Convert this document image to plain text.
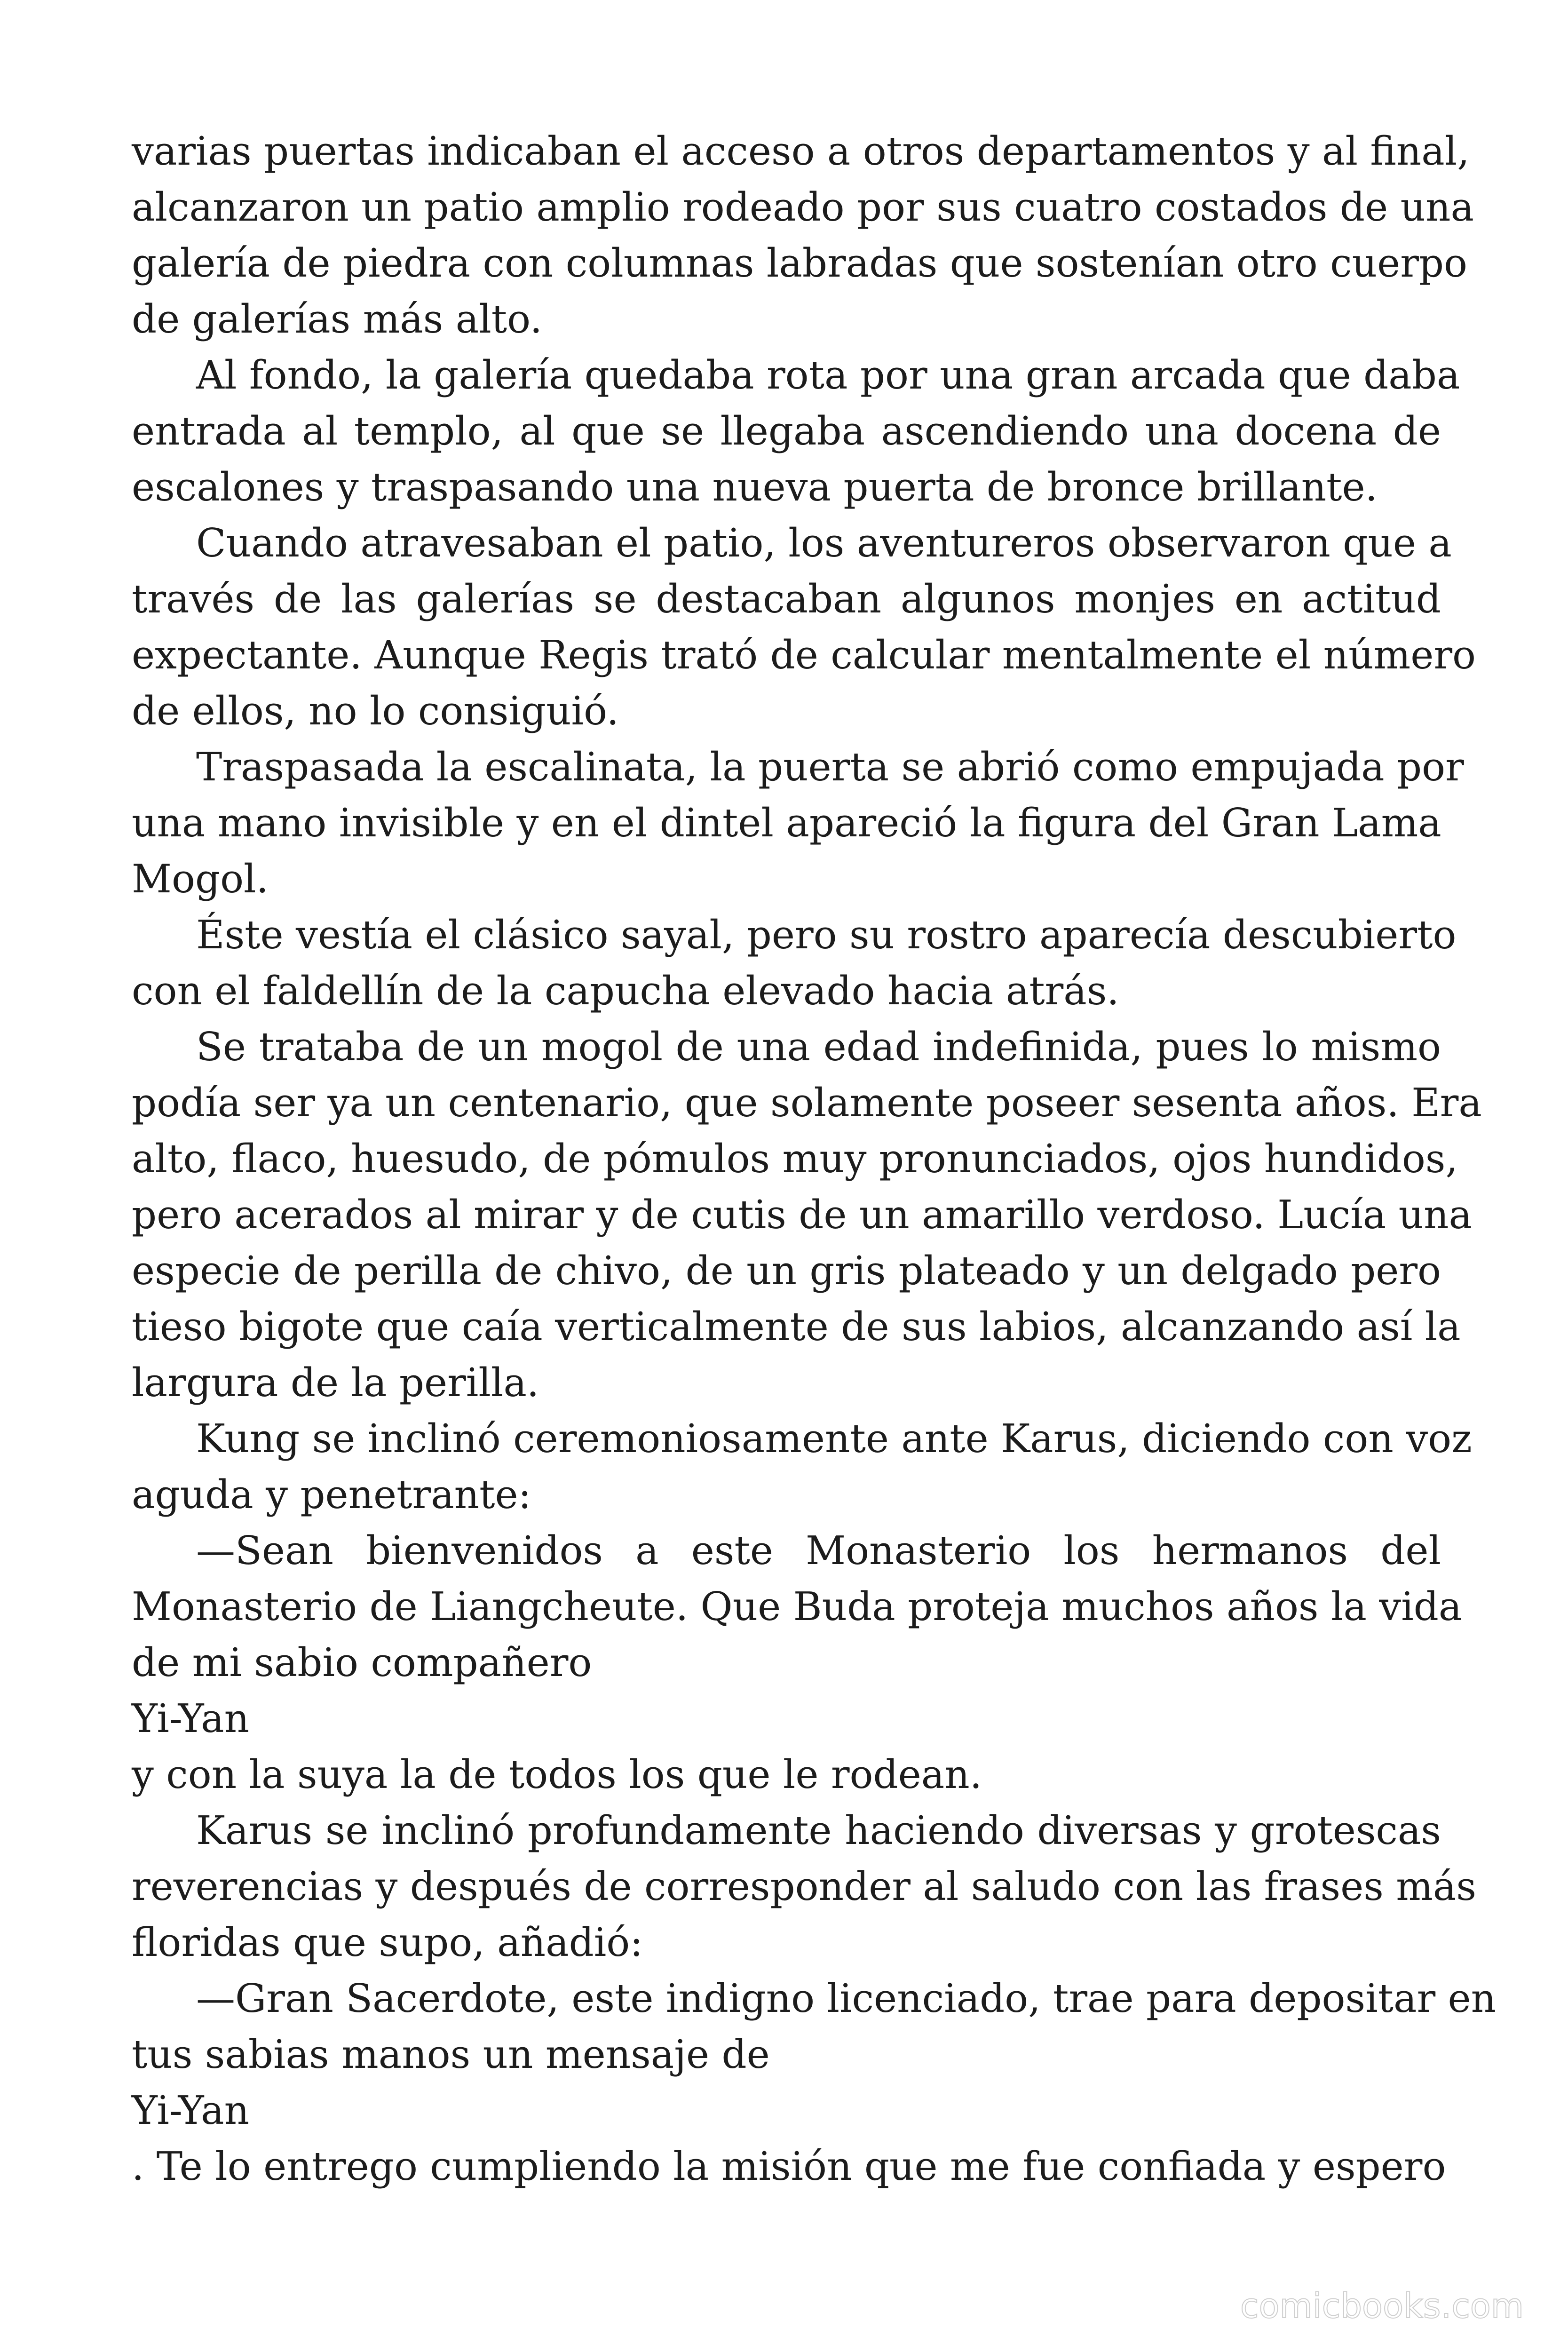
varias puertas indicaban el acceso a otros departamentos y al final,
alcanzaron un patio amplio rodeado por sus cuatro costados de una
galería de piedra con columnas labradas que sostenían otro cuerpo
de galerías más alto.
Al fondo, la galería quedaba rota por una gran arcada que daba
entrada al templo, al que se llegaba ascendiendo una docena de
escalones y traspasando una nueva puerta de bronce brillante.
Cuando atravesaban el patio, los aventureros observaron que a
través de las galerías se destacaban algunos monjes en actitud
expectante. Aunque Regis trató de calcular mentalmente el número
de ellos, no lo consiguió.
Traspasada la escalinata, la puerta se abrió como empujada por
una mano invisible y en el dintel apareció la figura del Gran Lama
Mogol.
Éste vestía el clásico sayal, pero su rostro aparecía descubierto
con el faldellín de la capucha elevado hacia atrás.
Se trataba de un mogol de una edad indefinida, pues lo mismo
podía ser ya un centenario, que solamente poseer sesenta años. Era
alto, flaco, huesudo, de pómulos muy pronunciados, ojos hundidos,
pero acerados al mirar y de cutis de un amarillo verdoso. Lucía una
especie de perilla de chivo, de un gris plateado y un delgado pero
tieso bigote que caía verticalmente de sus labios, alcanzando así la
largura de la perilla.
Kung se inclinó ceremoniosamente ante Karus, diciendo con voz
aguda y penetrante:
—Sean bienvenidos a este Monasterio los hermanos del
Monasterio de Liangcheute. Que Buda proteja muchos años la vida
de mi sabio compañero
Yi-Yan
y con la suya la de todos los que le rodean.
Karus se inclinó profundamente haciendo diversas y grotescas
reverencias y después de corresponder al saludo con las frases más
floridas que supo, añadió:
—Gran Sacerdote, este indigno licenciado, trae para depositar en
tus sabias manos un mensaje de
Yi-Yan
. Te lo entrego cumpliendo la misión que me fue confiada y espero
comicbooks.com
